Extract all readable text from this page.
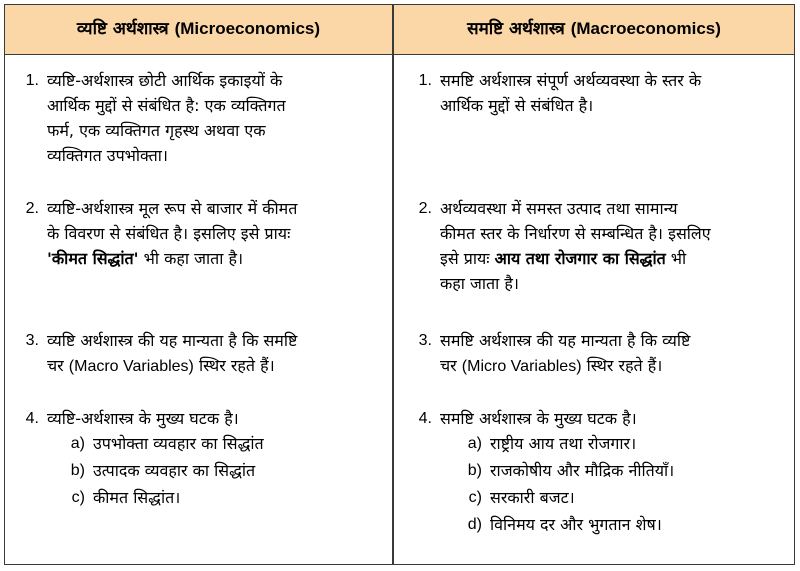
व्यष्टि अर्थशास्त्र (Microeconomics)	समष्टि अर्थशास्त्र (Macroeconomics)
1. व्यष्टि-अर्थशास्त्र छोटी आर्थिक इकाइयों के
आर्थिक मुद्दों से संबंधित है: एक व्यक्तिगत
फर्म, एक व्यक्तिगत गृहस्थ अथवा एक
व्यक्तिगत उपभोक्ता।
2. व्यष्टि-अर्थशास्त्र मूल रूप से बाजार में कीमत
के विवरण से संबंधित है। इसलिए इसे प्रायः
'कीमत सिद्धांत' भी कहा जाता है।
3. व्यष्टि अर्थशास्त्र की यह मान्यता है कि समष्टि
चर (Macro Variables) स्थिर रहते हैं।
4. व्यष्टि-अर्थशास्त्र के मुख्य घटक है।
a) उपभोक्ता व्यवहार का सिद्धांत
b) उत्पादक व्यवहार का सिद्धांत
c) कीमत सिद्धांत।
1. समष्टि अर्थशास्त्र संपूर्ण अर्थव्यवस्था के स्तर के
आर्थिक मुद्दों से संबंधित है।
2. अर्थव्यवस्था में समस्त उत्पाद तथा सामान्य
कीमत स्तर के निर्धारण से सम्बन्धित है। इसलिए
इसे प्रायः आय तथा रोजगार का सिद्धांत भी
कहा जाता है।
3. समष्टि अर्थशास्त्र की यह मान्यता है कि व्यष्टि
चर (Micro Variables) स्थिर रहते हैं।
4. समष्टि अर्थशास्त्र के मुख्य घटक है।
a) राष्ट्रीय आय तथा रोजगार।
b) राजकोषीय और मौद्रिक नीतियाँ।
c) सरकारी बजट।
d) विनिमय दर और भुगतान शेष।
